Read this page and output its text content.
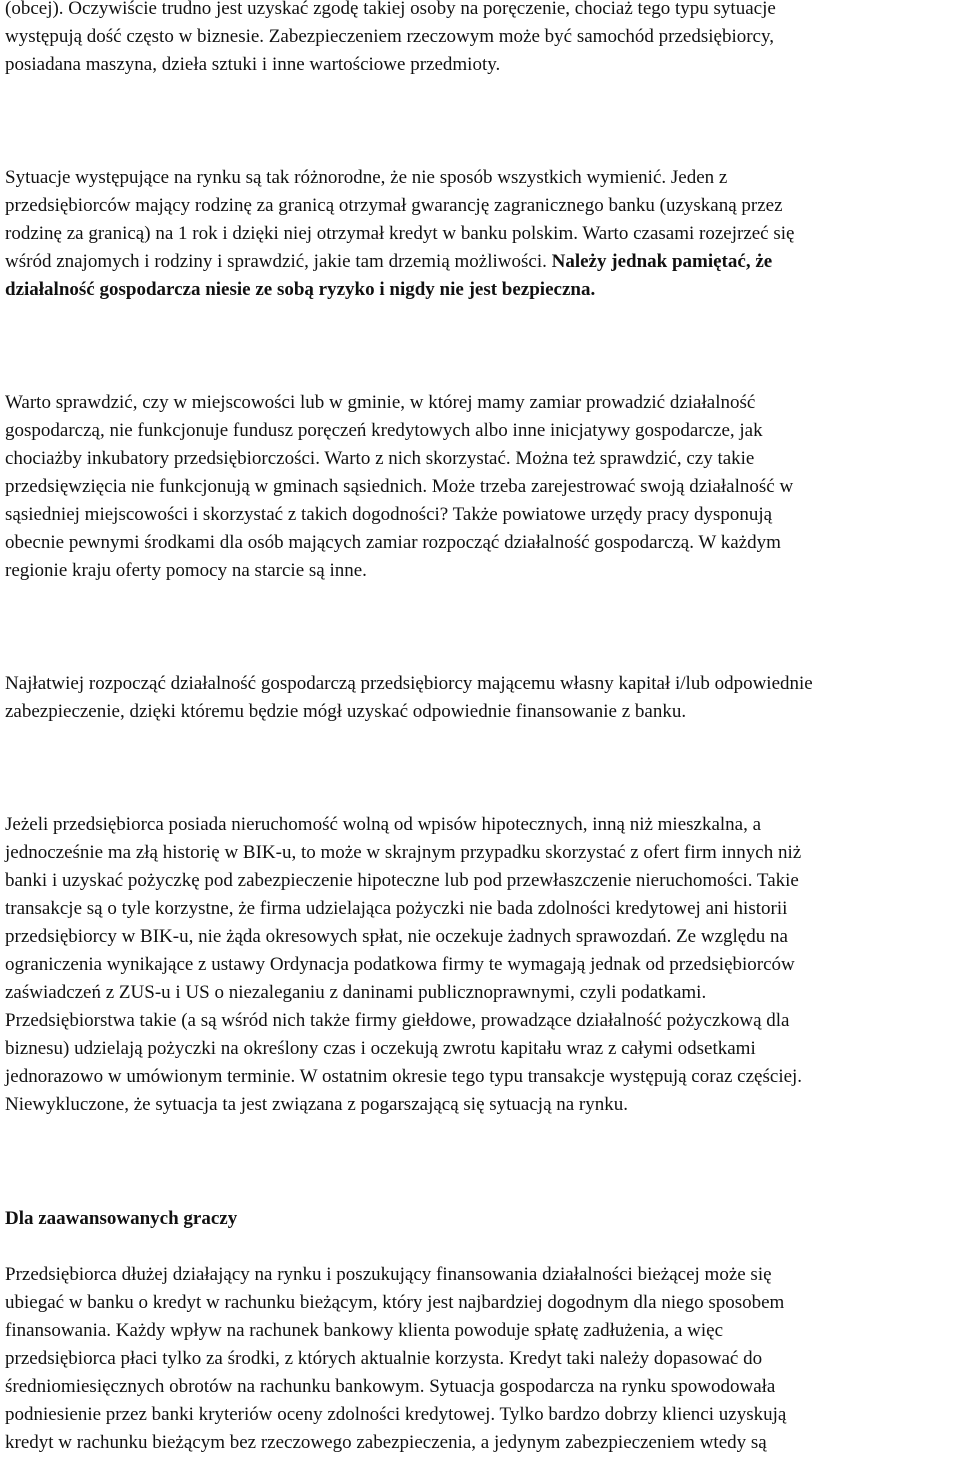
(obcej). Oczywiście trudno jest uzyskać zgodę takiej osoby na poręczenie, chociaż tego typu sytuacje
występują dość często w biznesie. Zabezpieczeniem rzeczowym może być samochód przedsiębiorcy,
posiadana maszyna, dzieła sztuki i inne wartościowe przedmioty.

Sytuacje występujące na rynku są tak różnorodne, że nie sposób wszystkich wymienić. Jeden z
przedsiębiorców mający rodzinę za granicą otrzymał gwarancję zagranicznego banku (uzyskaną przez
rodzinę za granicą) na 1 rok i dzięki niej otrzymał kredyt w banku polskim. Warto czasami rozejrzeć się
wśród znajomych i rodziny i sprawdzić, jakie tam drzemią możliwości. Należy jednak pamiętać, że
działalność gospodarcza niesie ze sobą ryzyko i nigdy nie jest bezpieczna.

Warto sprawdzić, czy w miejscowości lub w gminie, w której mamy zamiar prowadzić działalność
gospodarczą, nie funkcjonuje fundusz poręczeń kredytowych albo inne inicjatywy gospodarcze, jak
chociażby inkubatory przedsiębiorczości. Warto z nich skorzystać. Można też sprawdzić, czy takie
przedsięwzięcia nie funkcjonują w gminach sąsiednich. Może trzeba zarejestrować swoją działalność w
sąsiedniej miejscowości i skorzystać z takich dogodności? Także powiatowe urzędy pracy dysponują
obecnie pewnymi środkami dla osób mających zamiar rozpocząć działalność gospodarczą. W każdym
regionie kraju oferty pomocy na starcie są inne.

Najłatwiej rozpocząć działalność gospodarczą przedsiębiorcy mającemu własny kapitał i/lub odpowiednie
zabezpieczenie, dzięki któremu będzie mógł uzyskać odpowiednie finansowanie z banku.

Jeżeli przedsiębiorca posiada nieruchomość wolną od wpisów hipotecznych, inną niż mieszkalna, a
jednocześnie ma złą historię w BIK-u, to może w skrajnym przypadku skorzystać z ofert firm innych niż
banki i uzyskać pożyczkę pod zabezpieczenie hipoteczne lub pod przewłaszczenie nieruchomości. Takie
transakcje są o tyle korzystne, że firma udzielająca pożyczki nie bada zdolności kredytowej ani historii
przedsiębiorcy w BIK-u, nie żąda okresowych spłat, nie oczekuje żadnych sprawozdań. Ze względu na
ograniczenia wynikające z ustawy Ordynacja podatkowa firmy te wymagają jednak od przedsiębiorców
zaświadczeń z ZUS-u i US o niezaleganiu z daninami publicznoprawnymi, czyli podatkami.
Przedsiębiorstwa takie (a są wśród nich także firmy giełdowe, prowadzące działalność pożyczkową dla
biznesu) udzielają pożyczki na określony czas i oczekują zwrotu kapitału wraz z całymi odsetkami
jednorazowo w umówionym terminie. W ostatnim okresie tego typu transakcje występują coraz częściej.
Niewykluczone, że sytuacja ta jest związana z pogarszającą się sytuacją na rynku.

Dla zaawansowanych graczy

Przedsiębiorca dłużej działający na rynku i poszukujący finansowania działalności bieżącej może się
ubiegać w banku o kredyt w rachunku bieżącym, który jest najbardziej dogodnym dla niego sposobem
finansowania. Każdy wpływ na rachunek bankowy klienta powoduje spłatę zadłużenia, a więc
przedsiębiorca płaci tylko za środki, z których aktualnie korzysta. Kredyt taki należy dopasować do
średniomiesięcznych obrotów na rachunku bankowym. Sytuacja gospodarcza na rynku spowodowała
podniesienie przez banki kryteriów oceny zdolności kredytowej. Tylko bardzo dobrzy klienci uzyskują
kredyt w rachunku bieżącym bez rzeczowego zabezpieczenia, a jedynym zabezpieczeniem wtedy są
